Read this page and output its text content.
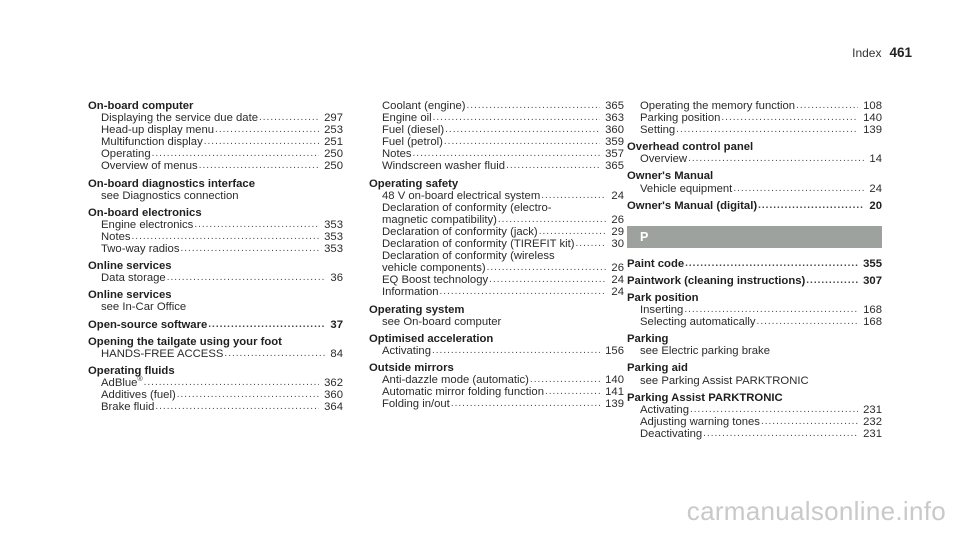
Index 461
On-board computer
Displaying the service due date .....	297
Head-up display menu .....	253
Multifunction display .....	251
Operating .....	250
Overview of menus .....	250
On-board diagnostics interface
see Diagnostics connection
On-board electronics
Engine electronics .....	353
Notes .....	353
Two-way radios .....	353
Online services
Data storage .....	36
Online services
see In-Car Office
Open-source software .....	37
Opening the tailgate using your foot
HANDS-FREE ACCESS .....	84
Operating fluids
AdBlue® .....	362
Additives (fuel) .....	360
Brake fluid .....	364
Coolant (engine) .....	365
Engine oil .....	363
Fuel (diesel) .....	360
Fuel (petrol) .....	359
Notes .....	357
Windscreen washer fluid .....	365
Operating safety
48 V on-board electrical system .....	24
Declaration of conformity (electro-
magnetic compatibility) .....	26
Declaration of conformity (jack) .....	29
Declaration of conformity (TIREFIT kit) .....	30
Declaration of conformity (wireless
vehicle components) .....	26
EQ Boost technology .....	24
Information .....	24
Operating system
see On-board computer
Optimised acceleration
Activating .....	156
Outside mirrors
Anti-dazzle mode (automatic) .....	140
Automatic mirror folding function .....	141
Folding in/out .....	139
Operating the memory function .....	108
Parking position .....	140
Setting .....	139
Overhead control panel
Overview .....	14
Owner's Manual
Vehicle equipment .....	24
Owner's Manual (digital) .....	20
P
Paint code .....	355
Paintwork (cleaning instructions) .....	307
Park position
Inserting .....	168
Selecting automatically .....	168
Parking
see Electric parking brake
Parking aid
see Parking Assist PARKTRONIC
Parking Assist PARKTRONIC
Activating .....	231
Adjusting warning tones .....	232
Deactivating .....	231
carmanualsonline.info
